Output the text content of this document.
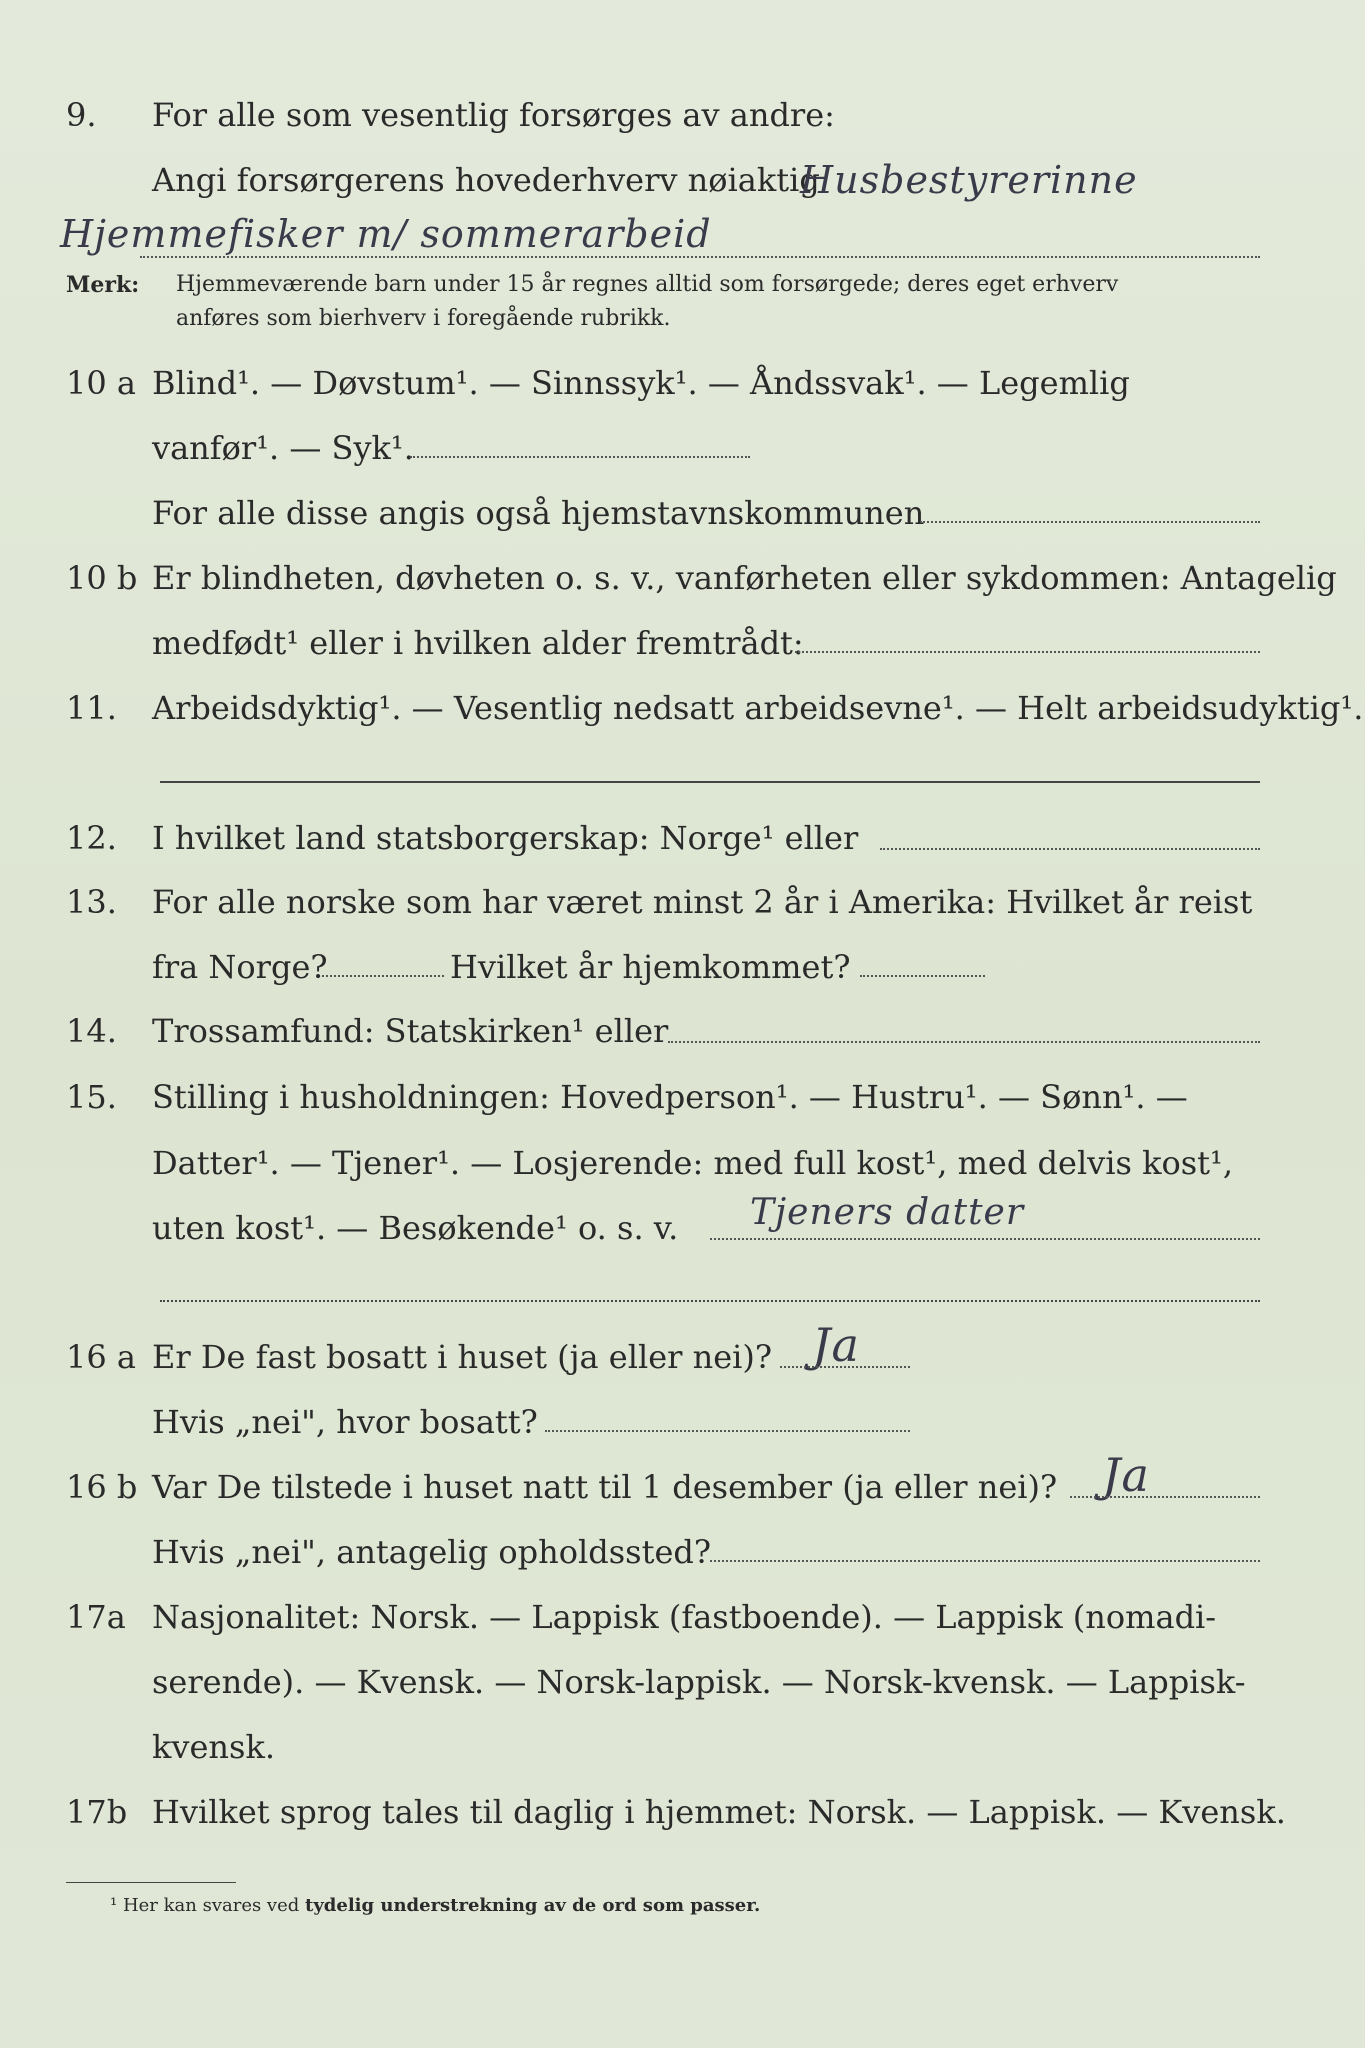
9. For alle som vesentlig forsørges av andre:
Angi forsørgerens hovederhverv nøiaktig
Husbestyrerinne
Hjemmefisker m/ sommerarbeid
Merk: Hjemmeværende barn under 15 år regnes alltid som forsørgede; deres eget erhverv
anføres som bierhverv i foregående rubrikk.
10 a Blind¹. — Døvstum¹. — Sinnssyk¹. — Åndssvak¹. — Legemlig
vanfør¹. — Syk¹.
For alle disse angis også hjemstavnskommunen
10 b Er blindheten, døvheten o. s. v., vanførheten eller sykdommen: Antagelig
medfødt¹ eller i hvilken alder fremtrådt:
11. Arbeidsdyktig¹. — Vesentlig nedsatt arbeidsevne¹. — Helt arbeidsudyktig¹.
12. I hvilket land statsborgerskap: Norge¹ eller
13. For alle norske som har været minst 2 år i Amerika: Hvilket år reist
fra Norge?	Hvilket år hjemkommet?
14. Trossamfund: Statskirken¹ eller
15. Stilling i husholdningen: Hovedperson¹. — Hustru¹. — Sønn¹. —
Datter¹. — Tjener¹. — Losjerende: med full kost¹, med delvis kost¹,
uten kost¹. — Besøkende¹ o. s. v. Tjeners datter
16 a Er De fast bosatt i huset (ja eller nei)? Ja
Hvis „nei", hvor bosatt?
16 b Var De tilstede i huset natt til 1 desember (ja eller nei)? Ja
Hvis „nei", antagelig opholdssted?
17a Nasjonalitet: Norsk. — Lappisk (fastboende). — Lappisk (nomadi-
serende). — Kvensk. — Norsk-lappisk. — Norsk-kvensk. — Lappisk-
kvensk.
17b Hvilket sprog tales til daglig i hjemmet: Norsk. — Lappisk. — Kvensk.
¹ Her kan svares ved tydelig understrekning av de ord som passer.
